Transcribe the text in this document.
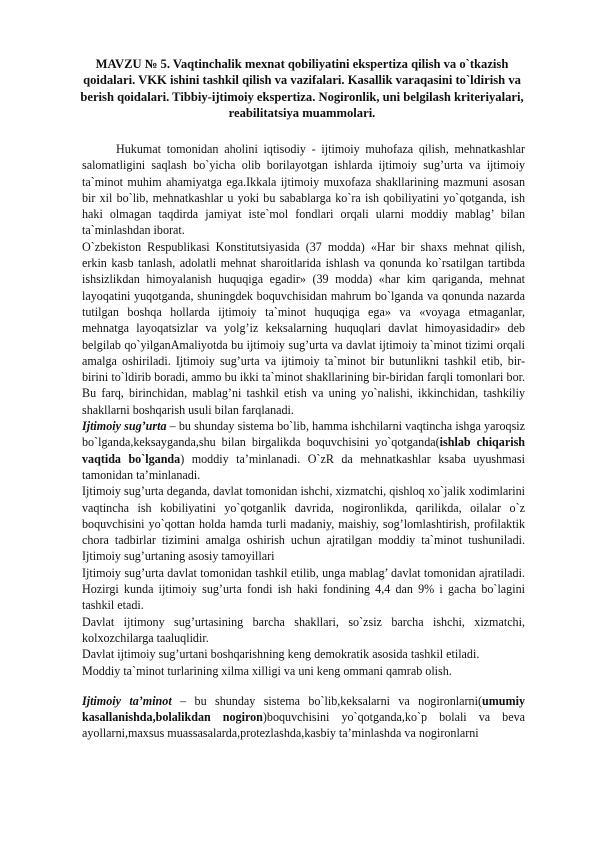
MAVZU № 5. Vaqtinchalik mexnat qobiliyatini ekspertiza qilish va o`tkazish qoidalari. VKK ishini tashkil qilish va vazifalari. Kasallik varaqasini to`ldirish va berish qoidalari. Tibbiy-ijtimoiy ekspertiza. Nogironlik, uni belgilash kriteriyalari, reabilitatsiya muammolari.

Hukumat tomonidan aholini iqtisodiy - ijtimoiy muhofaza qilish, mehnatkashlar salomatligini saqlash bo`yicha olib borilayotgan ishlarda ijtimoiy sug’urta va ijtimoiy ta`minot muhim ahamiyatga ega.Ikkala ijtimoiy muxofaza shakllarining mazmuni asosan bir xil bo`lib, mehnatkashlar u yoki bu sabablarga ko`ra ish qobiliyatini yo`qotganda, ish haki olmagan taqdirda jamiyat iste`mol fondlari orqali ularni moddiy mablag’ bilan ta`minlashdan iborat.

O`zbekiston Respublikasi Konstitutsiyasida (37 modda) «Har bir shaxs mehnat qilish, erkin kasb tanlash, adolatli mehnat sharoitlarida ishlash va qonunda ko`rsatilgan tartibda ishsizlikdan himoyalanish huquqiga egadir» (39 modda) «har kim qariganda, mehnat layoqatini yuqotganda, shuningdek boquvchisidan mahrum bo`lganda va qonunda nazarda tutilgan boshqa hollarda ijtimoiy ta`minot huquqiga ega» va «voyaga etmaganlar, mehnatga layoqatsizlar va yolg’iz keksalarning huquqlari davlat himoyasidadir» deb belgilab qo`yilganAmaliyotda bu ijtimoiy sug’urta va davlat ijtimoiy ta`minot tizimi orqali amalga oshiriladi. Ijtimoiy sug’urta va ijtimoiy ta`minot bir butunlikni tashkil etib, bir-birini to`ldirib boradi, ammo bu ikki ta`minot shakllarining bir-biridan farqli tomonlari bor. Bu farq, birinchidan, mablag’ni tashkil etish va uning yo`nalishi, ikkinchidan, tashkiliy shakllarni boshqarish usuli bilan farqlanadi.

Ijtimoiy sug’urta – bu shunday sistema bo`lib, hamma ishchilarni vaqtincha ishga yaroqsiz bo`lganda,keksayganda,shu bilan birgalikda boquvchisini yo`qotganda(ishlab chiqarish vaqtida bo`lganda) moddiy ta’minlanadi. O`zR da mehnatkashlar ksaba uyushmasi tamonidan ta’minlanadi.

Ijtimoiy sug’urta deganda, davlat tomonidan ishchi, xizmatchi, qishloq xo`jalik xodimlarini vaqtincha ish kobiliyatini yo`qotganlik davrida, nogironlikda, qarilikda, oilalar o`z boquvchisini yo`qottan holda hamda turli madaniy, maishiy, sog’lomlashtirish, profilaktik chora tadbirlar tizimini amalga oshirish uchun ajratilgan moddiy ta`minot tushuniladi. Ijtimoiy sug’urtaning asosiy tamoyillari

Ijtimoiy sug’urta davlat tomonidan tashkil etilib, unga mablag’ davlat tomonidan ajratiladi. Hozirgi kunda ijtimoiy sug’urta fondi ish haki fondining 4,4 dan 9% i gacha bo`lagini tashkil etadi.

Davlat ijtimony sug’urtasining barcha shakllari, so`zsiz barcha ishchi, xizmatchi, kolxozchilarga taaluqlidir.

Davlat ijtimoiy sug’urtani boshqarishning keng demokratik asosida tashkil etiladi.

Moddiy ta`minot turlarining xilma xilligi va uni keng ommani qamrab olish.

Ijtimoiy ta’minot – bu shunday sistema bo`lib,keksalarni va nogironlarni(umumiy kasallanishda,bolalikdan nogiron)boquvchisini yo`qotganda,ko`p bolali va beva ayollarni,maxsus muassasalarda,protezlashda,kasbiy ta’minlashda va nogironlarni
